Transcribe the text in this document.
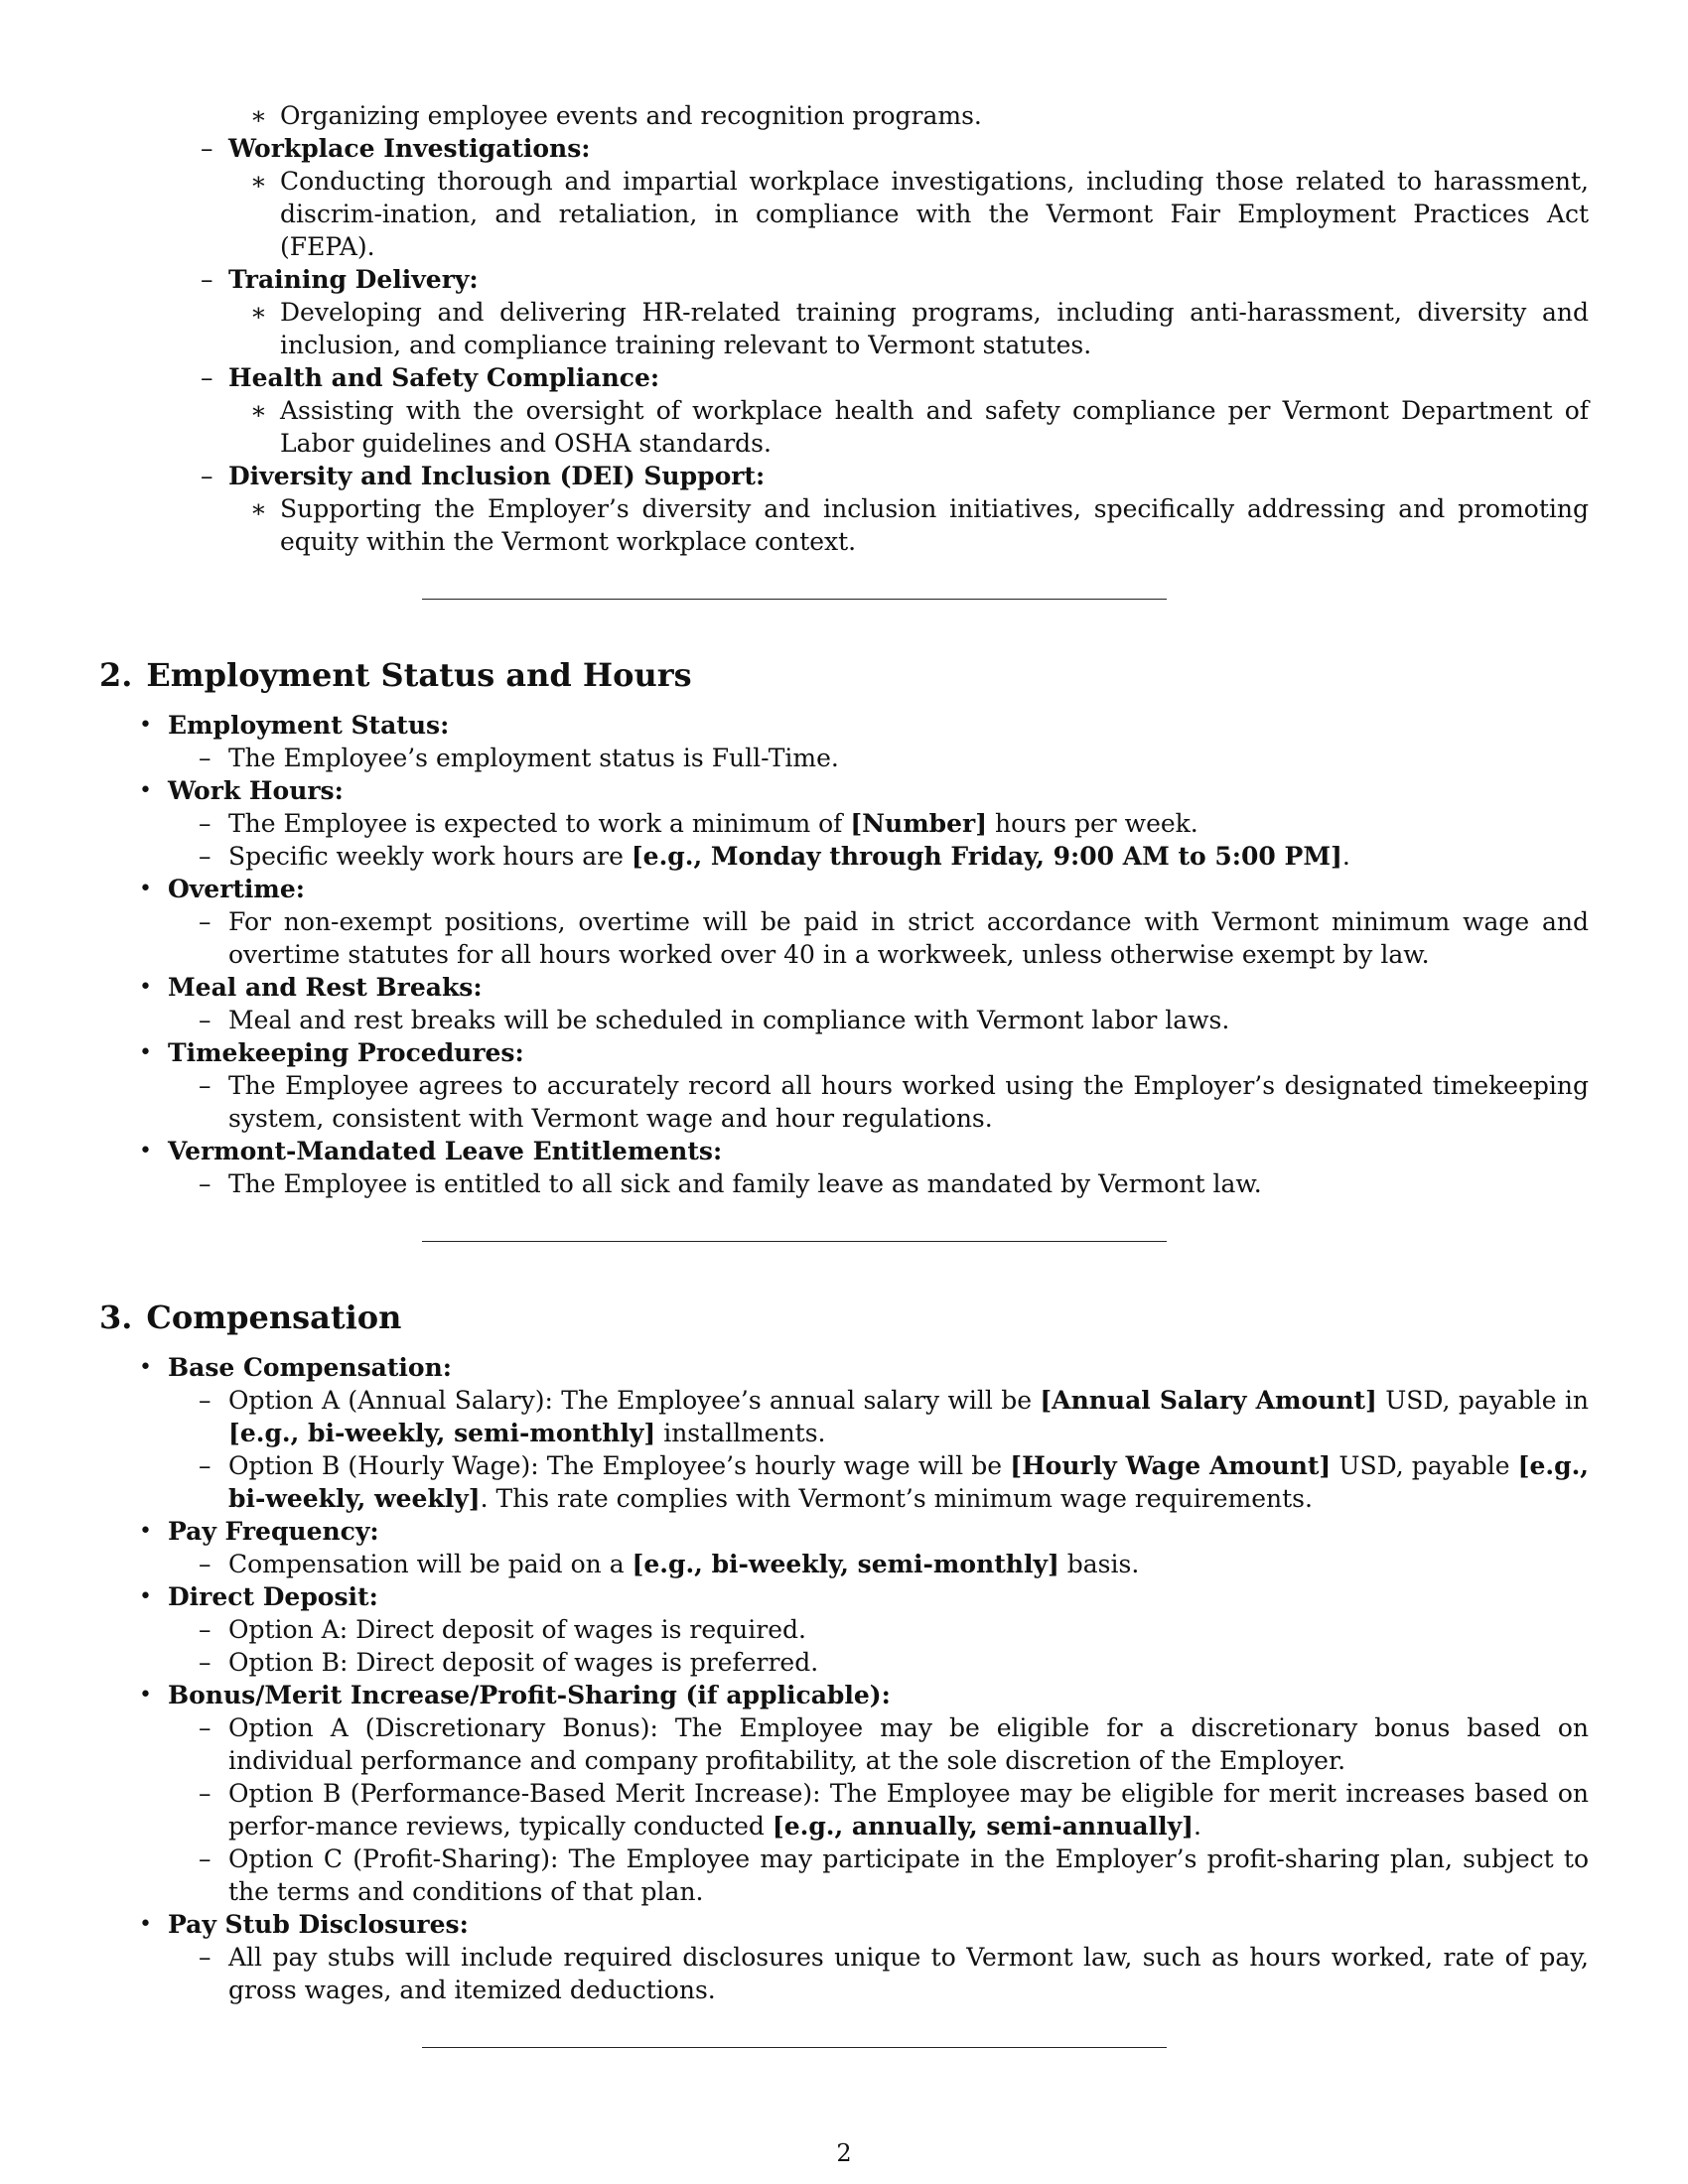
∗ Organizing employee events and recognition programs.
– Workplace Investigations:
∗ Conducting thorough and impartial workplace investigations, including those related to harassment, discrim-ination, and retaliation, in compliance with the Vermont Fair Employment Practices Act (FEPA).
– Training Delivery:
∗ Developing and delivering HR-related training programs, including anti-harassment, diversity and inclusion, and compliance training relevant to Vermont statutes.
– Health and Safety Compliance:
∗ Assisting with the oversight of workplace health and safety compliance per Vermont Department of Labor guidelines and OSHA standards.
– Diversity and Inclusion (DEI) Support:
∗ Supporting the Employer’s diversity and inclusion initiatives, specifically addressing and promoting equity within the Vermont workplace context.
2. Employment Status and Hours
• Employment Status:
– The Employee’s employment status is Full-Time.
• Work Hours:
– The Employee is expected to work a minimum of [Number] hours per week.
– Specific weekly work hours are [e.g., Monday through Friday, 9:00 AM to 5:00 PM].
• Overtime:
– For non-exempt positions, overtime will be paid in strict accordance with Vermont minimum wage and overtime statutes for all hours worked over 40 in a workweek, unless otherwise exempt by law.
• Meal and Rest Breaks:
– Meal and rest breaks will be scheduled in compliance with Vermont labor laws.
• Timekeeping Procedures:
– The Employee agrees to accurately record all hours worked using the Employer’s designated timekeeping system, consistent with Vermont wage and hour regulations.
• Vermont-Mandated Leave Entitlements:
– The Employee is entitled to all sick and family leave as mandated by Vermont law.
3. Compensation
• Base Compensation:
– Option A (Annual Salary): The Employee’s annual salary will be [Annual Salary Amount] USD, payable in [e.g., bi-weekly, semi-monthly] installments.
– Option B (Hourly Wage): The Employee’s hourly wage will be [Hourly Wage Amount] USD, payable [e.g., bi-weekly, weekly]. This rate complies with Vermont’s minimum wage requirements.
• Pay Frequency:
– Compensation will be paid on a [e.g., bi-weekly, semi-monthly] basis.
• Direct Deposit:
– Option A: Direct deposit of wages is required.
– Option B: Direct deposit of wages is preferred.
• Bonus/Merit Increase/Profit-Sharing (if applicable):
– Option A (Discretionary Bonus): The Employee may be eligible for a discretionary bonus based on individual performance and company profitability, at the sole discretion of the Employer.
– Option B (Performance-Based Merit Increase): The Employee may be eligible for merit increases based on perfor-mance reviews, typically conducted [e.g., annually, semi-annually].
– Option C (Profit-Sharing): The Employee may participate in the Employer’s profit-sharing plan, subject to the terms and conditions of that plan.
• Pay Stub Disclosures:
– All pay stubs will include required disclosures unique to Vermont law, such as hours worked, rate of pay, gross wages, and itemized deductions.
2
